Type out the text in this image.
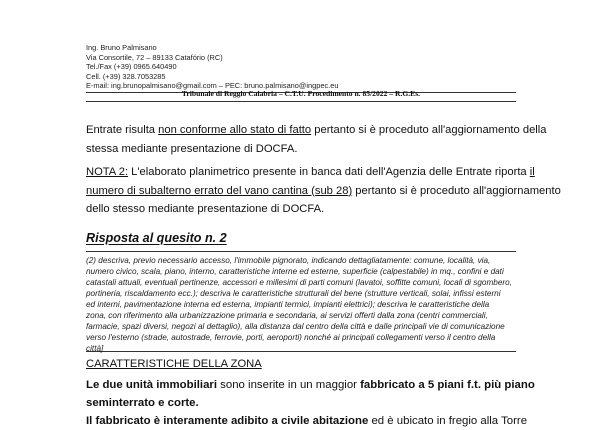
Ing. Bruno Palmisano
Via Consortile, 72 – 89133 Catafório (RC)
Tel./Fax (+39) 0965.640490
Cell. (+39) 328.7053285
E-mail: ing.brunopalmisano@gmail.com – PEC: bruno.palmisano@ingpec.eu
Tribunale di Reggio Calabria – C.T.U. Procedimento n. 85/2022 – R.G.Es.
Entrate risulta non conforme allo stato di fatto pertanto si è proceduto all'aggiornamento della
stessa mediante presentazione di DOCFA.
NOTA 2: L'elaborato planimetrico presente in banca dati dell'Agenzia delle Entrate riporta il
numero di subalterno errato del vano cantina (sub 28) pertanto si è proceduto all'aggiornamento
dello stesso mediante presentazione di DOCFA.
Risposta al quesito n. 2
(2) descriva, previo necessario accesso, l'immobile pignorato, indicando dettagliatamente: comune, località, via,
numero civico, scala, piano, interno, caratteristiche interne ed esterne, superficie (calpestabile) in mq., confini e dati
catastali attuali, eventuali pertinenze, accessori e millesimi di parti comuni (lavatoi, soffitte comuni, locali di sgombero,
portineria, riscaldamento ecc.); descriva le caratteristiche strutturali del bene (strutture verticali, solai, infissi esterni
ed interni, pavimentazione interna ed esterna, impianti termici, impianti elettrici); descriva le caratteristiche della
zona, con riferimento alla urbanizzazione primaria e secondaria, ai servizi offerti dalla zona (centri commerciali,
farmacie, spazi diversi, negozi al dettaglio), alla distanza dal centro della città e dalle principali vie di comunicazione
verso l'esterno (strade, autostrade, ferrovie, porti, aeroporti) nonché ai principali collegamenti verso il centro della
città]
CARATTERISTICHE DELLA ZONA
Le due unità immobiliari sono inserite in un maggior fabbricato a 5 piani f.t. più piano
seminterrato e corte.
Il fabbricato è interamente adibito a civile abitazione ed è ubicato in fregio alla Torre
